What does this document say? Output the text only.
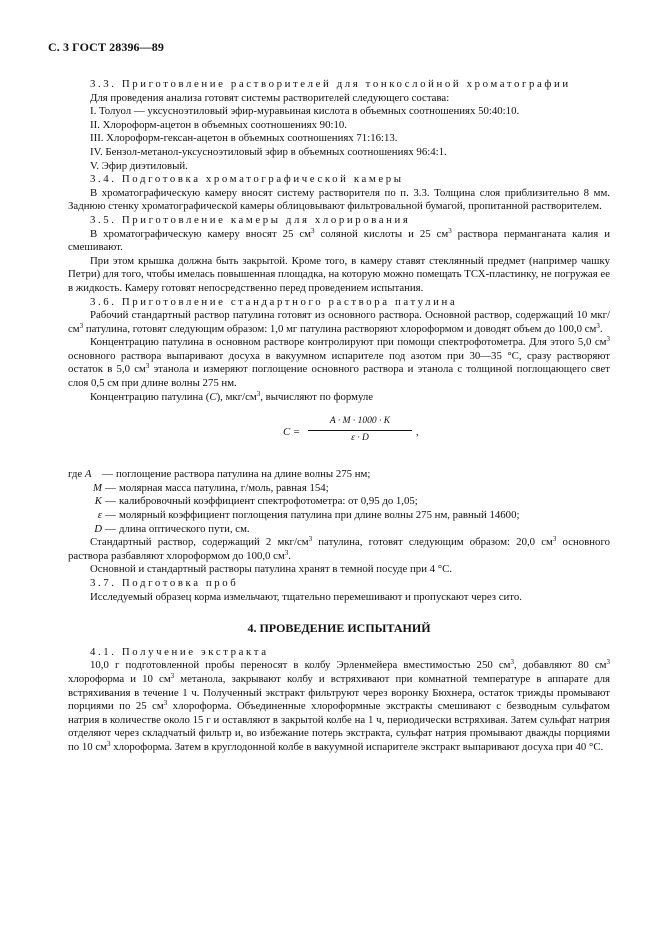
С. 3 ГОСТ 28396—89

3.3. Приготовление растворителей для тонкослойной хроматографии

Для проведения анализа готовят системы растворителей следующего состава:

I. Толуол — уксусноэтиловый эфир-муравьиная кислота в объемных соотношениях 50:40:10.

II. Хлороформ-ацетон в объемных соотношениях 90:10.

III. Хлороформ-гексан-ацетон в объемных соотношениях 71:16:13.

IV. Бензол-метанол-уксусноэтиловый эфир в объемных соотношениях 96:4:1.

V. Эфир диэтиловый.

3.4. Подготовка хроматографической камеры

В хроматографическую камеру вносят систему растворителя по п. 3.3. Толщина слоя приблизительно 8 мм. Заднюю стенку хроматографической камеры облицовывают фильтровальной бумагой, пропитанной растворителем.

3.5. Приготовление камеры для хлорирования

В хроматографическую камеру вносят 25 $см^3$ соляной кислоты и 25 $см^3$ раствора перманганата калия и смешивают.

При этом крышка должна быть закрытой. Кроме того, в камеру ставят стеклянный предмет (например чашку Петри) для того, чтобы имелась повышенная площадка, на которую можно помещать ТСХ-пластинку, не погружая ее в жидкость. Камеру готовят непосредственно перед проведением испытания.

3.6. Приготовление стандартного раствора патулина

Рабочий стандартный раствор патулина готовят из основного раствора. Основной раствор, содержащий 10 мкг/$см^3$ патулина, готовят следующим образом: 1,0 мг патулина растворяют хлороформом и доводят объем до 100,0 $см^3$.

Концентрацию патулина в основном растворе контролируют при помощи спектрофотометра. Для этого 5,0 $см^3$ основного раствора выпаривают досуха в вакуумном испарителе под азотом при 30—35 °С, сразу растворяют остаток в 5,0 $см^3$ этанола и измеряют поглощение основного раствора и этанола с толщиной поглощающего свет слоя 0,5 см при длине волны 275 нм.

Концентрацию патулина (С), мкг/$см^3$, вычисляют по формуле

$C = \frac{A \cdot M \cdot 1000 \cdot K}{\varepsilon \cdot D}$ ,
где A — поглощение раствора патулина на длине волны 275 нм;
M — молярная масса патулина, г/моль, равная 154;
K — калибровочный коэффициент спектрофотометра: от 0,95 до 1,05;
ε — молярный коэффициент поглощения патулина при длине волны 275 нм, равный 14600;
D — длина оптического пути, см.

Стандартный раствор, содержащий 2 мкг/$см^3$ патулина, готовят следующим образом: 20,0 $см^3$ основного раствора разбавляют хлороформом до 100,0 $см^3$.

Основной и стандартный растворы патулина хранят в темной посуде при 4 °С.

3.7. Подготовка проб

Исследуемый образец корма измельчают, тщательно перемешивают и пропускают через сито.

4. ПРОВЕДЕНИЕ ИСПЫТАНИЙ

4.1. Получение экстракта

10,0 г подготовленной пробы переносят в колбу Эрленмейера вместимостью 250 $см^3$, добавляют 80 $см^3$ хлороформа и 10 $см^3$ метанола, закрывают колбу и встряхивают при комнатной температуре в аппарате для встряхивания в течение 1 ч. Полученный экстракт фильтруют через воронку Бюхнера, остаток трижды промывают порциями по 25 $см^3$ хлороформа. Объединенные хлороформные экстракты смешивают с безводным сульфатом натрия в количестве около 15 г и оставляют в закрытой колбе на 1 ч, периодически встряхивая. Затем сульфат натрия отделяют через складчатый фильтр и, во избежание потерь экстракта, сульфат натрия промывают дважды порциями по 10 $см^3$ хлороформа. Затем в круглодонной колбе в вакуумной испарителе экстракт выпаривают досуха при 40 °С.
